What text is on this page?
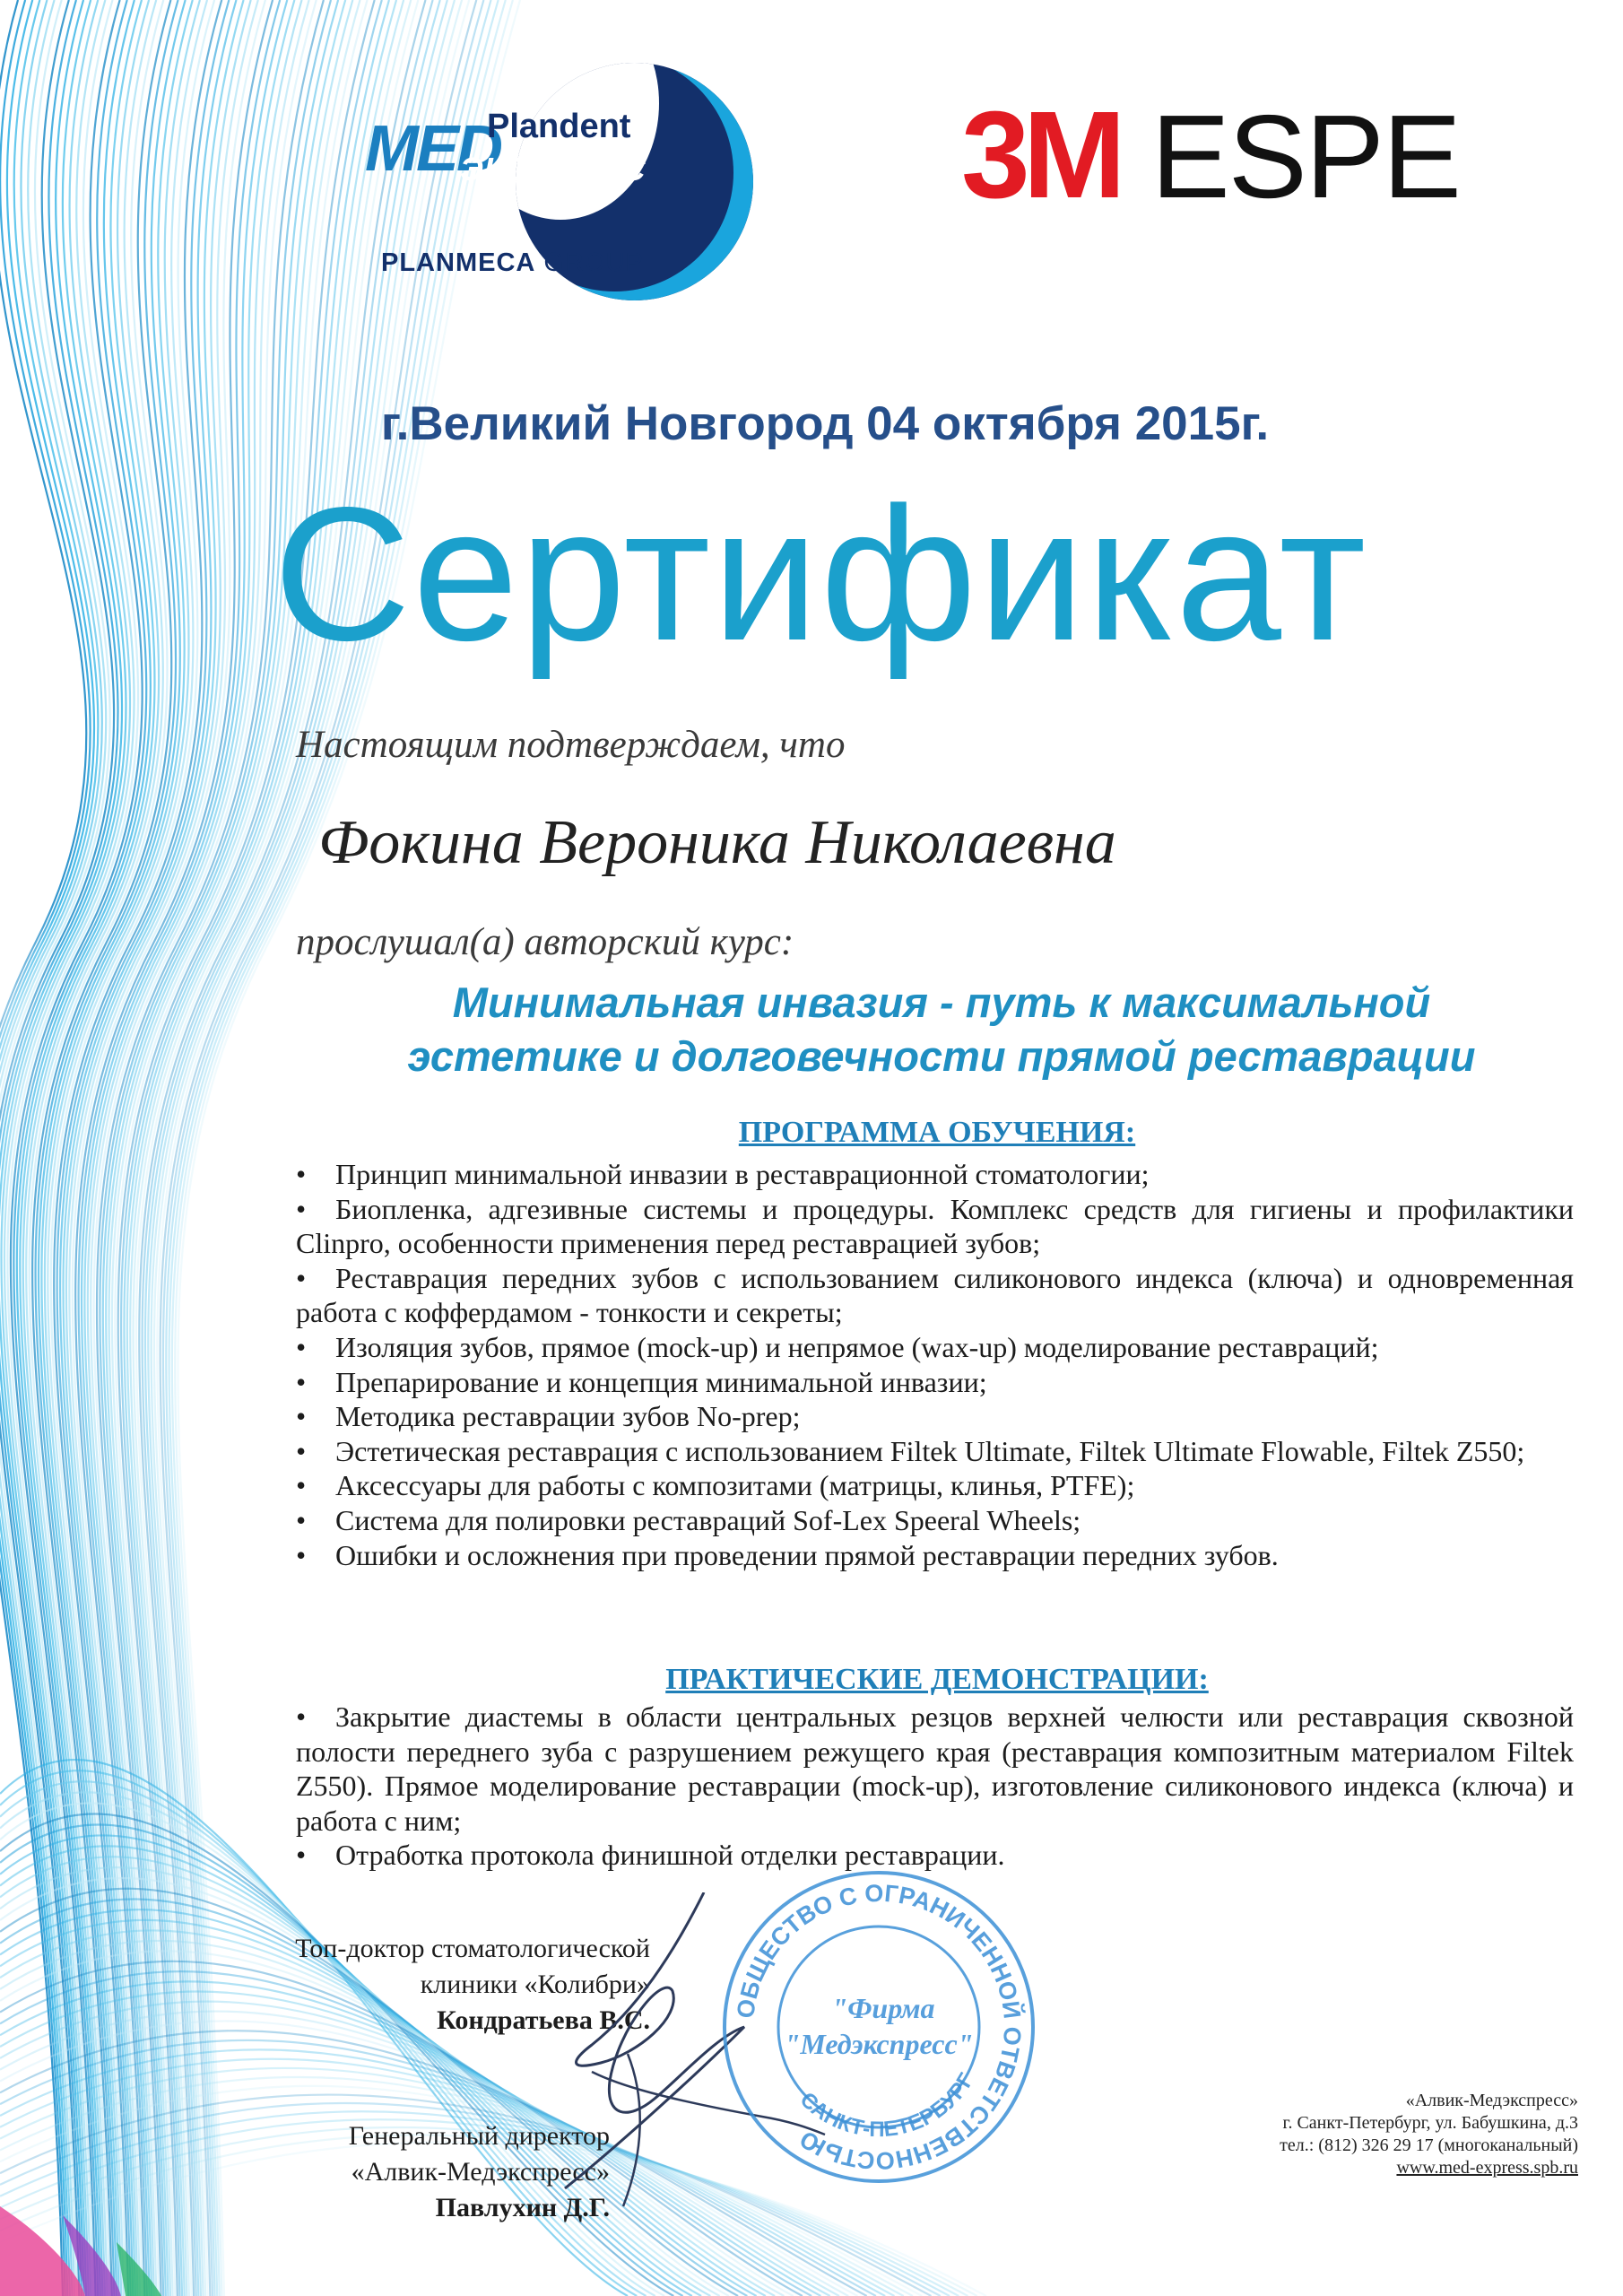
MED
Plandent
ЭКСПРЕСС
PLANMECA GROUP
3M ESPE
г.Великий Новгород 04 октября 2015г.
Сертификат
Настоящим подтверждаем, что
Фокина Вероника Николаевна
прослушал(а) авторский курс:
Минимальная инвазия - путь к максимальной
эстетике и долговечности прямой реставрации
ПРОГРАММА ОБУЧЕНИЯ:
• Принцип минимальной инвазии в реставрационной стоматологии;
• Биопленка, адгезивные системы и процедуры. Комплекс средств для гигиены и профилактики Clinpro, особенности применения перед реставрацией зубов;
• Реставрация передних зубов с использованием силиконового индекса (ключа) и одновременная работа с коффердамом - тонкости и секреты;
• Изоляция зубов, прямое (mock-up) и непрямое (wax-up) моделирование реставраций;
• Препарирование и концепция минимальной инвазии;
• Методика реставрации зубов No-prep;
• Эстетическая реставрация с использованием Filtek Ultimate, Filtek Ultimate Flowable, Filtek Z550;
• Аксессуары для работы с композитами (матрицы, клинья, PTFE);
• Система для полировки реставраций Sof-Lex Speeral Wheels;
• Ошибки и осложнения при проведении прямой реставрации передних зубов.
ПРАКТИЧЕСКИЕ ДЕМОНСТРАЦИИ:
• Закрытие диастемы в области центральных резцов верхней челюсти или реставрация сквозной полости переднего зуба с разрушением режущего края (реставрация композитным материалом Filtek Z550). Прямое моделирование реставрации (mock-up), изготовление силиконового индекса (ключа) и работа с ним;
• Отработка протокола финишной отделки реставрации.
Топ-доктор стоматологической
клиники «Колибри»
Кондратьева В.С.
Генеральный директор
«Алвик-Медэкспресс»
Павлухин Д.Г.
ОБЩЕСТВО С ОГРАНИЧЕННОЙ ОТВЕТСТВЕННОСТЬЮ
САНКТ-ПЕТЕРБУРГ
"Фирма
"Медэкспресс"
«Алвик-Медэкспресс»
г. Санкт-Петербург, ул. Бабушкина, д.3
тел.: (812) 326 29 17 (многоканальный)
www.med-express.spb.ru
